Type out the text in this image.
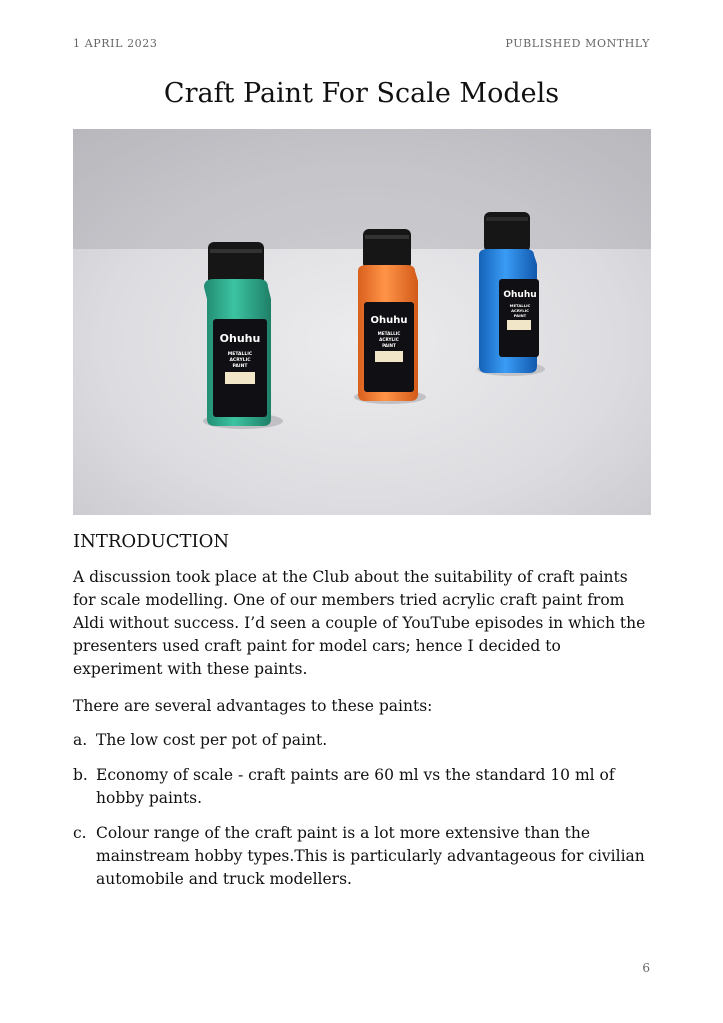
1 APRIL 2023	PUBLISHED MONTHLY
Craft Paint For Scale Models
Ohuhu
METALLIC
ACRYLIC
PAINT
Ohuhu
METALLIC
ACRYLIC
PAINT
Ohuhu
METALLIC
ACRYLIC
PAINT
INTRODUCTION

A discussion took place at the Club about the suitability of craft paints for scale modelling. One of our members tried acrylic craft paint from Aldi without success. I’d seen a couple of YouTube episodes in which the presenters used craft paint for model cars; hence I decided to experiment with these paints.

There are several advantages to these paints:

a. The low cost per pot of paint.
b. Economy of scale - craft paints are 60 ml vs the standard 10 ml of hobby paints.
c. Colour range of the craft paint is a lot more extensive than the mainstream hobby types.This is particularly advantageous for civilian automobile and truck modellers.
6
